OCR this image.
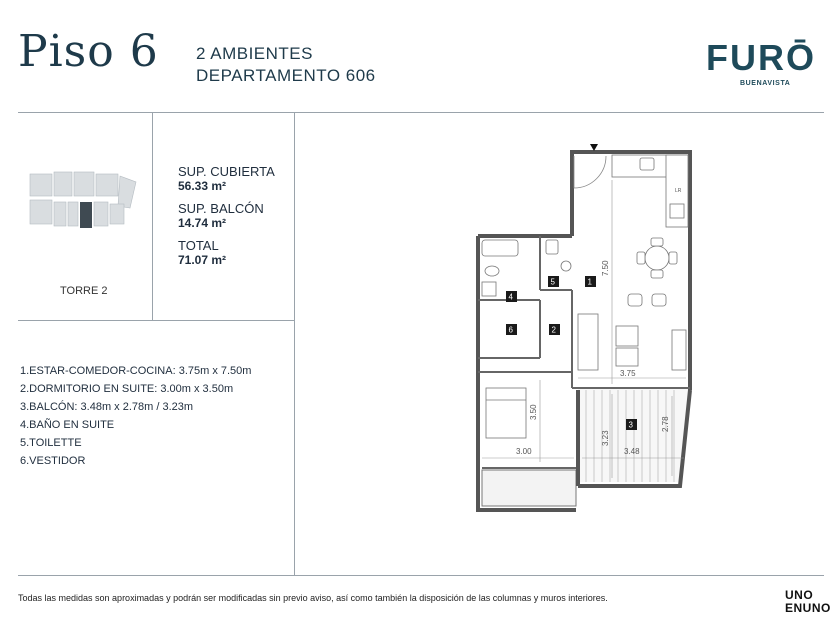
Piso 6 2 AMBIENTES
DEPARTAMENTO 606	FURŌ
BUENAVISTA
TORRE 2
SUP. CUBIERTA
56.33 m²
SUP. BALCÓN
14.74 m²
TOTAL
71.07 m²
1.ESTAR-COMEDOR-COCINA: 3.75m x 7.50m
2.DORMITORIO EN SUITE: 3.00m x 3.50m
3.BALCÓN: 3.48m x 2.78m / 3.23m
4.BAÑO EN SUITE
5.TOILETTE
6.VESTIDOR
LR
7.50
3.75
3.50
3.00
3.23
2.78
3.48
1
2
3
4
5
6
Todas las medidas son aproximadas y podrán ser modificadas sin previo aviso, así como también la disposición de las columnas y muros interiores.	UNO
ENUNO
